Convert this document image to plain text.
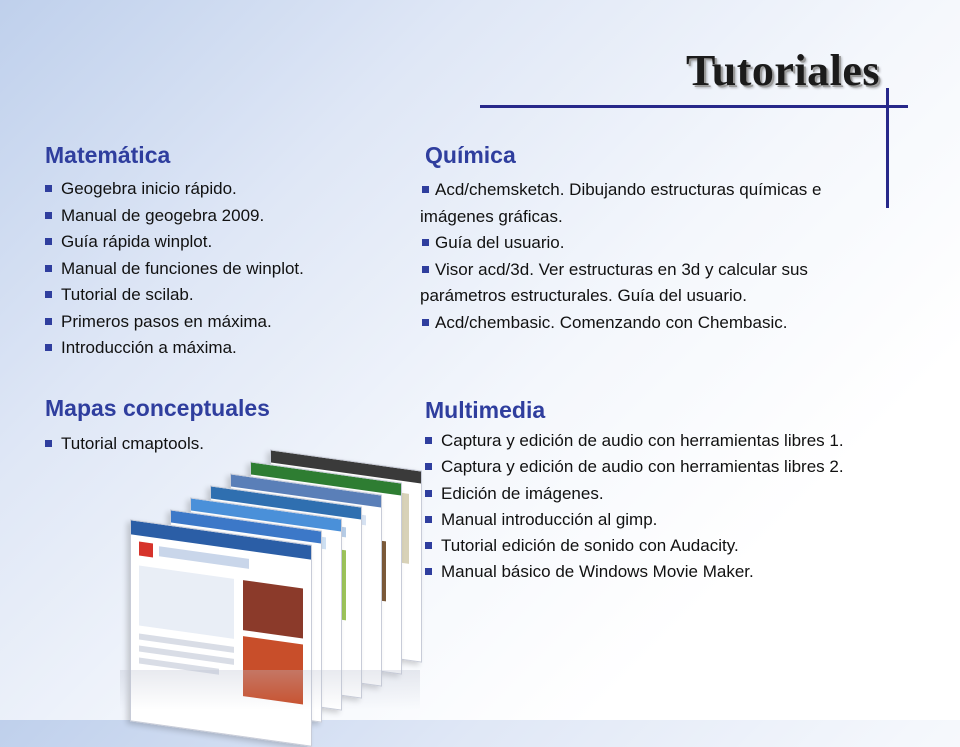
Tutoriales
Matemática
Geogebra inicio rápido.
Manual de geogebra 2009.
Guía rápida winplot.
Manual de funciones de winplot.
Tutorial de scilab.
Primeros pasos en máxima.
Introducción a máxima.
Química
Acd/chemsketch. Dibujando estructuras químicas e imágenes gráficas.
Guía del usuario.
Visor acd/3d. Ver estructuras en 3d y calcular sus parámetros estructurales. Guía del usuario.
Acd/chembasic. Comenzando con Chembasic.
Mapas conceptuales
Tutorial cmaptools.
Multimedia
Captura y edición de audio con herramientas libres 1.
Captura y edición de audio con herramientas libres 2.
Edición de imágenes.
Manual introducción al gimp.
Tutorial edición de sonido con Audacity.
Manual básico de Windows Movie Maker.
